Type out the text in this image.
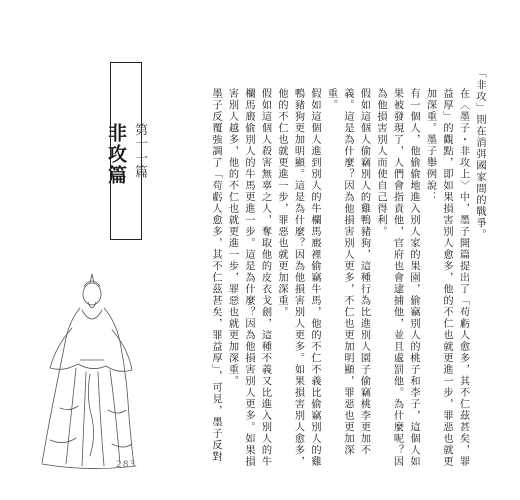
「非攻」則在消弭國家間的戰爭。

在〈墨子・非攻上〉中，墨子開篇提出了「苟虧人愈多，其不仁茲甚矣，罪益厚」的觀點，即如果損害別人愈多，他的不仁也就更進一步，罪惡也就更加深重。墨子舉例說：

有一個人，他偷偷地進入別人家的果園，偷竊別人的桃子和李子，這個人如果被發現了，人們會指責他，官府也會逮捕他，並且處罰他。為什麼呢？因為他損害別人而使自己得利。

假如這個人偷竊別人的雞鴨豬狗，這種行為比進別人園子偷竊桃李更加不義。這是為什麼？因為他損害別人更多，不仁也更加明顯，罪惡也更加深重。

假如這個人進到別人的牛欄馬廄裡偷竊牛馬，他的不仁不義比偷竊別人的雞鴨豬狗更加明顯。這是為什麼？因為他損害別人更多。如果損害別人愈多，他的不仁也就更進一步，罪惡也就更加深重。

假如這個人殺害無辜之人，奪取他的皮衣戈劍，這種不義又比進入別人的牛欄馬廄偷別人的牛馬更進一步。這是為什麼？因為他損害別人更多。如果損害別人越多，他的不仁也就更進一步，罪惡也就更加深重。

墨子反覆強調了「苟虧人愈多，其不仁茲甚矣，罪益厚」，可見，墨子反對

第十一篇
非攻篇
283
